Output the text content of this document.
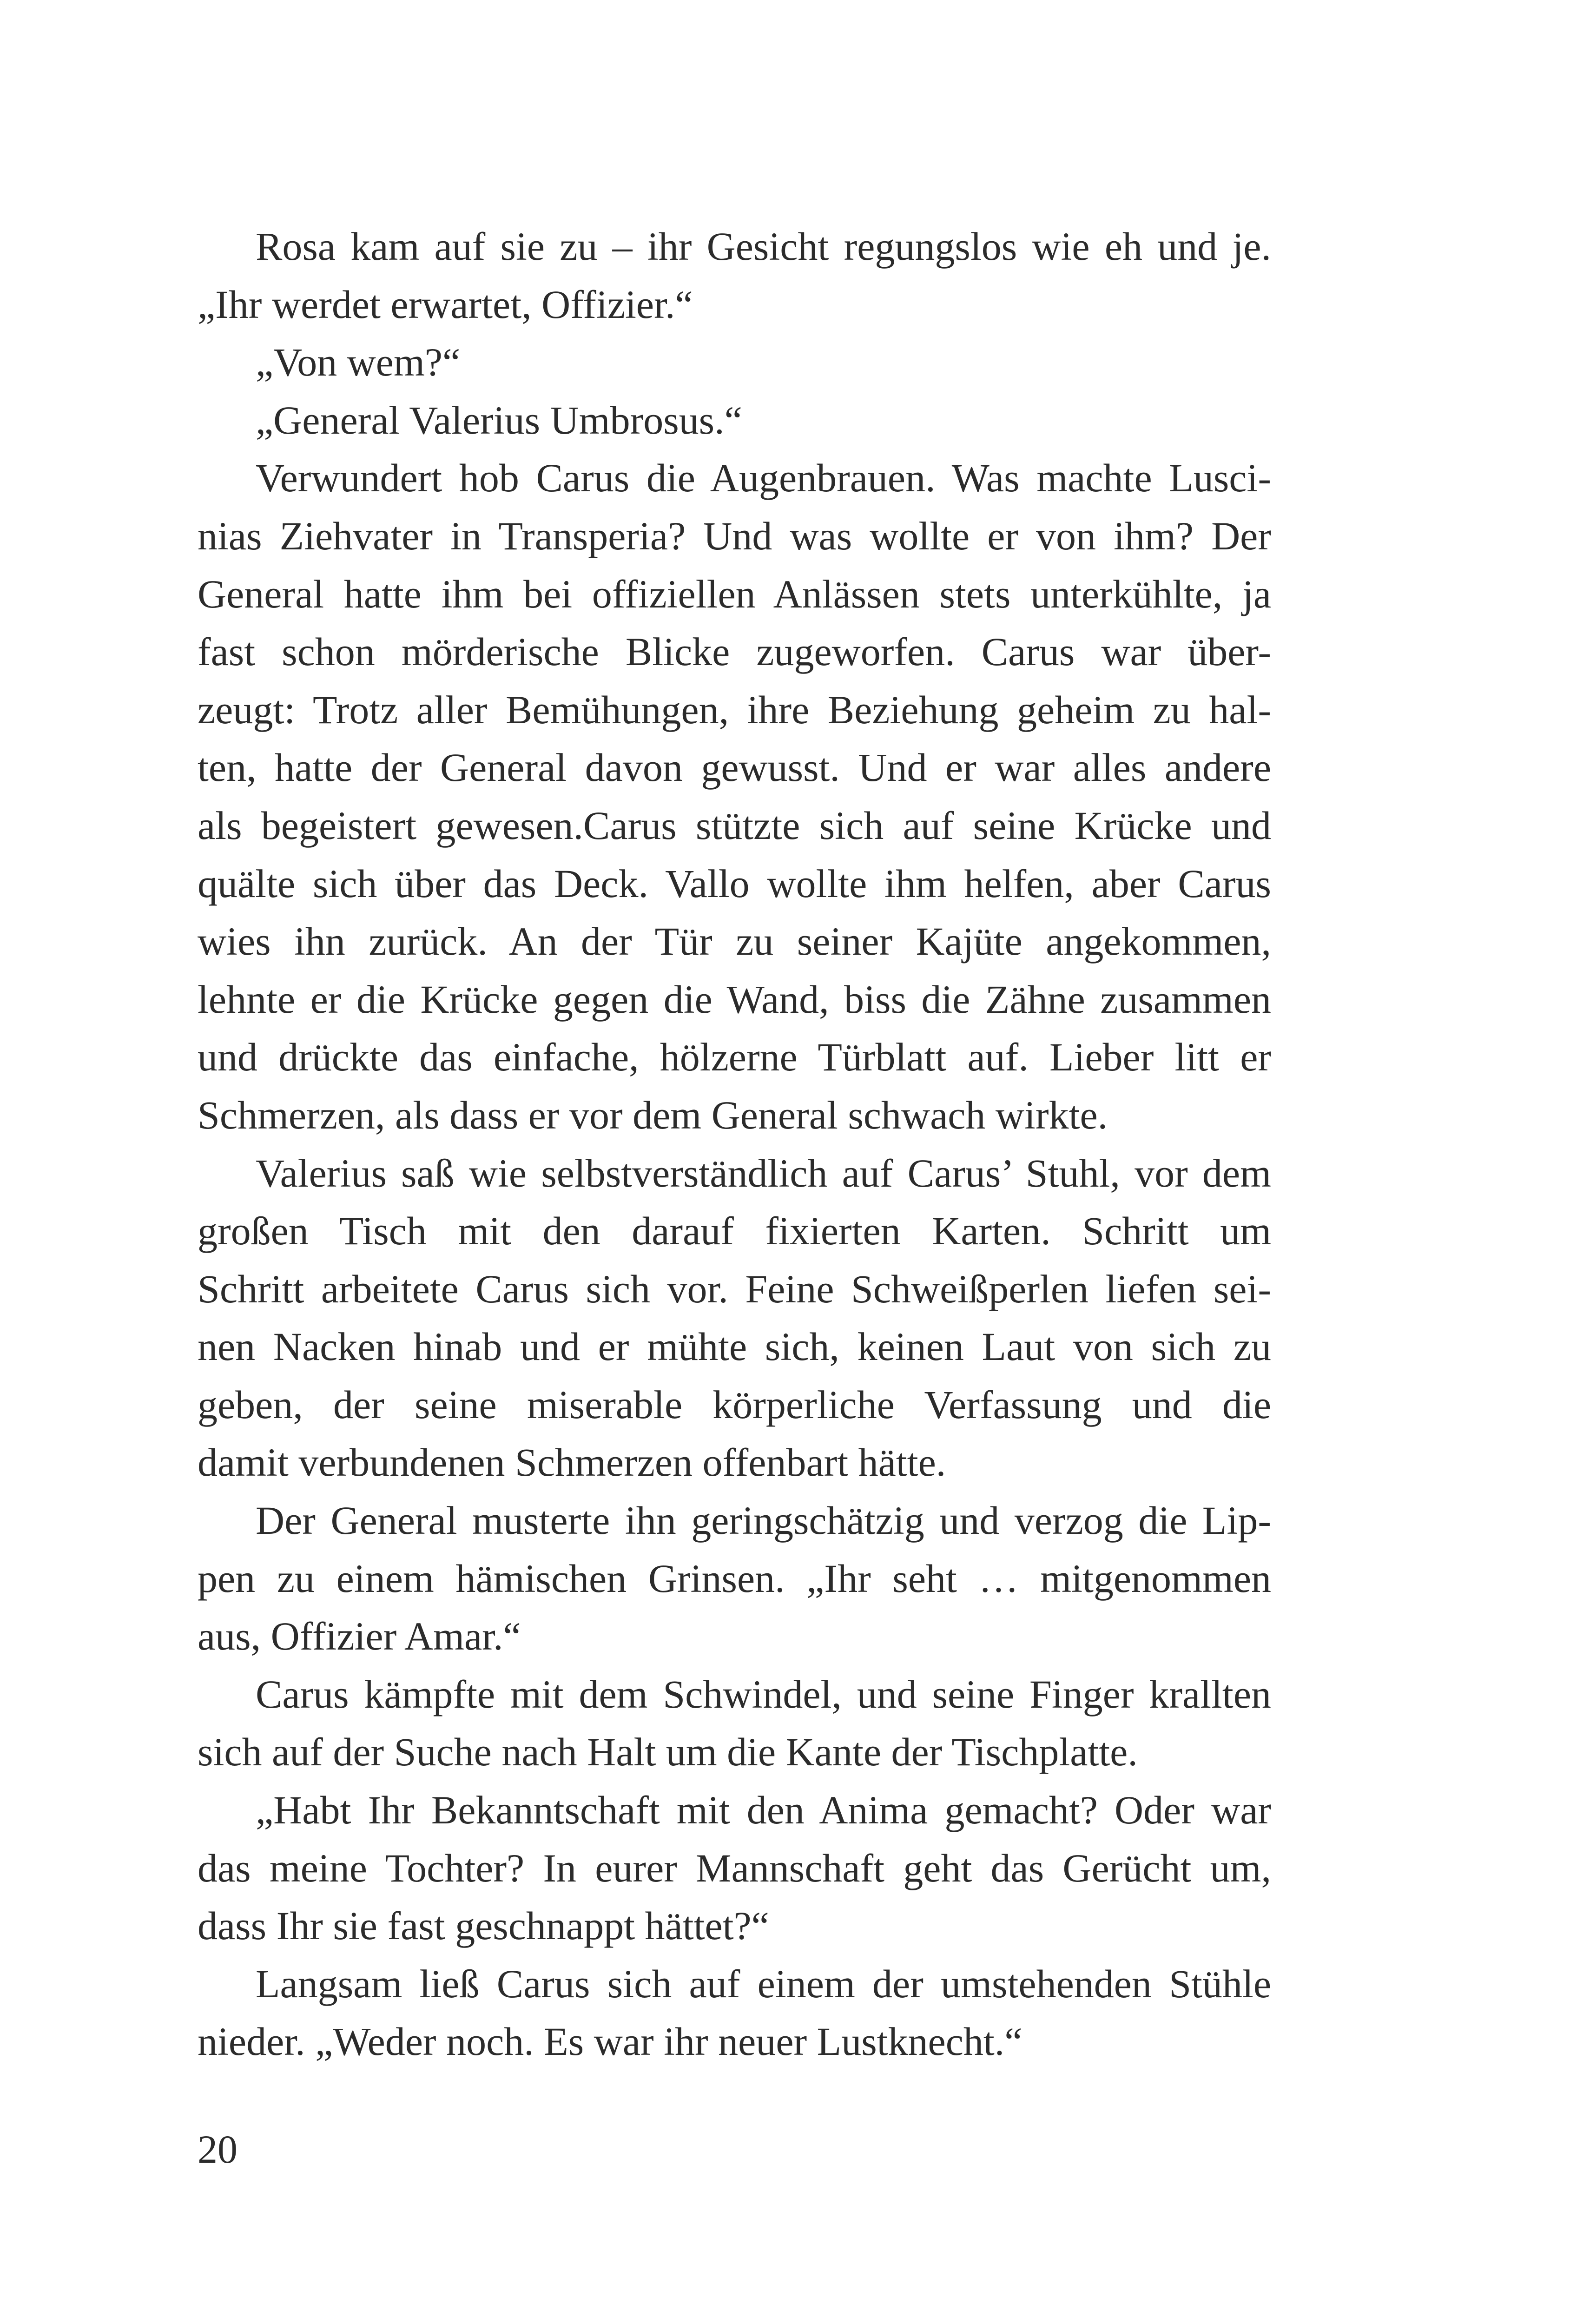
Rosa kam auf sie zu – ihr Gesicht regungslos wie eh und je.
„Ihr werdet erwartet, Offizier.“
„Von wem?“
„General Valerius Umbrosus.“
Verwundert hob Carus die Augenbrauen. Was machte Lusci-
nias Ziehvater in Transperia? Und was wollte er von ihm? Der
General hatte ihm bei offiziellen Anlässen stets unterkühlte, ja
fast schon mörderische Blicke zugeworfen. Carus war über-
zeugt: Trotz aller Bemühungen, ihre Beziehung geheim zu hal-
ten, hatte der General davon gewusst. Und er war alles andere
als begeistert gewesen.Carus stützte sich auf seine Krücke und
quälte sich über das Deck. Vallo wollte ihm helfen, aber Carus
wies ihn zurück. An der Tür zu seiner Kajüte angekommen,
lehnte er die Krücke gegen die Wand, biss die Zähne zusammen
und drückte das einfache, hölzerne Türblatt auf. Lieber litt er
Schmerzen, als dass er vor dem General schwach wirkte.
Valerius saß wie selbstverständlich auf Carus’ Stuhl, vor dem
großen Tisch mit den darauf fixierten Karten. Schritt um
Schritt arbeitete Carus sich vor. Feine Schweißperlen liefen sei-
nen Nacken hinab und er mühte sich, keinen Laut von sich zu
geben, der seine miserable körperliche Verfassung und die
damit verbundenen Schmerzen offenbart hätte.
Der General musterte ihn geringschätzig und verzog die Lip-
pen zu einem hämischen Grinsen. „Ihr seht … mitgenommen
aus, Offizier Amar.“
Carus kämpfte mit dem Schwindel, und seine Finger krallten
sich auf der Suche nach Halt um die Kante der Tischplatte.
„Habt Ihr Bekanntschaft mit den Anima gemacht? Oder war
das meine Tochter? In eurer Mannschaft geht das Gerücht um,
dass Ihr sie fast geschnappt hättet?“
Langsam ließ Carus sich auf einem der umstehenden Stühle
nieder. „Weder noch. Es war ihr neuer Lustknecht.“
20
